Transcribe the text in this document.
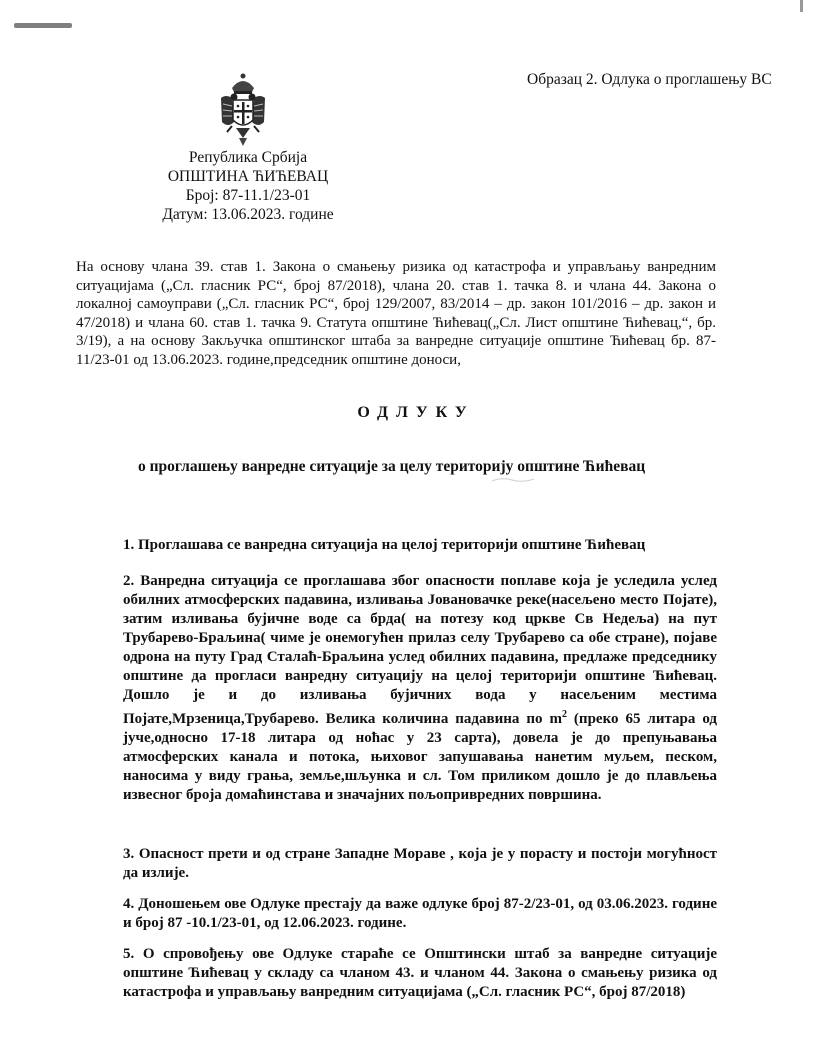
Образац 2. Одлука о проглашењу ВС
Република Србија
ОПШТИНА ЋИЋЕВАЦ
Број: 87-11.1/23-01
Датум: 13.06.2023. године
На основу члана 39. став 1. Закона о смањењу ризика од катастрофа и управљању ванредним ситуацијама („Сл. гласник РС“, број 87/2018), члана 20. став 1. тачка 8. и члана 44. Закона о локалној самоуправи („Сл. гласник РС“, број 129/2007, 83/2014 – др. закон 101/2016 – др. закон и 47/2018) и члана 60. став 1. тачка 9. Статута општине Ћићевац(„Сл. Лист општине Ћићевац,“, бр. 3/19), а на основу Закључка општинског штаба за ванредне ситуације општине Ћићевац бр. 87-11/23-01 од 13.06.2023. године,председник општине доноси,
ОДЛУКУ
о проглашењу ванредне ситуације за целу територију општине Ћићевац
1. Проглашава се ванредна ситуација на целој територији општине Ћићевац
2. Ванредна ситуација се проглашава због опасности поплаве која је уследила услед обилних атмосферских падавина, изливања Јовановачке реке(насељено место Појате), затим изливања бујичне воде са брда( на потезу код цркве Св Недеља) на пут Трубарево-Браљина( чиме је онемогућен прилаз селу Трубарево са обе стране), појаве одрона на путу Град Сталаћ-Браљина услед обилних падавина, предлаже председнику општине да прогласи ванредну ситуацију на целој територији општине Ћићевац. Дошло је и до изливања бујичних вода у насељеним местима Појате,Мрзеница,Трубарево. Велика количина падавина по $m^2$ (преко 65 литара од јуче,односно 17-18 литара од ноћас у 23 сарта), довела је до препуњавања атмосферских канала и потока, њиховог запушавања нанетим муљем, песком, наносима у виду грања, земље,шљунка и сл. Том приликом дошло је до плављења извесног броја домаћинстава и значајних пољопривредних површина.
3. Опасност прети и од стране Западне Мораве , која је у порасту и постоји могућност да излије.
4. Доношењем ове Одлуке престају да важе одлуке број 87-2/23-01, од 03.06.2023. године и број 87 -10.1/23-01, од 12.06.2023. године.
5. О спровођењу ове Одлуке стараће се Општински штаб за ванредне ситуације општине Ћићевац у складу са чланом 43. и чланом 44. Закона о смањењу ризика од катастрофа и управљању ванредним ситуацијама („Сл. гласник РС“, број 87/2018)
